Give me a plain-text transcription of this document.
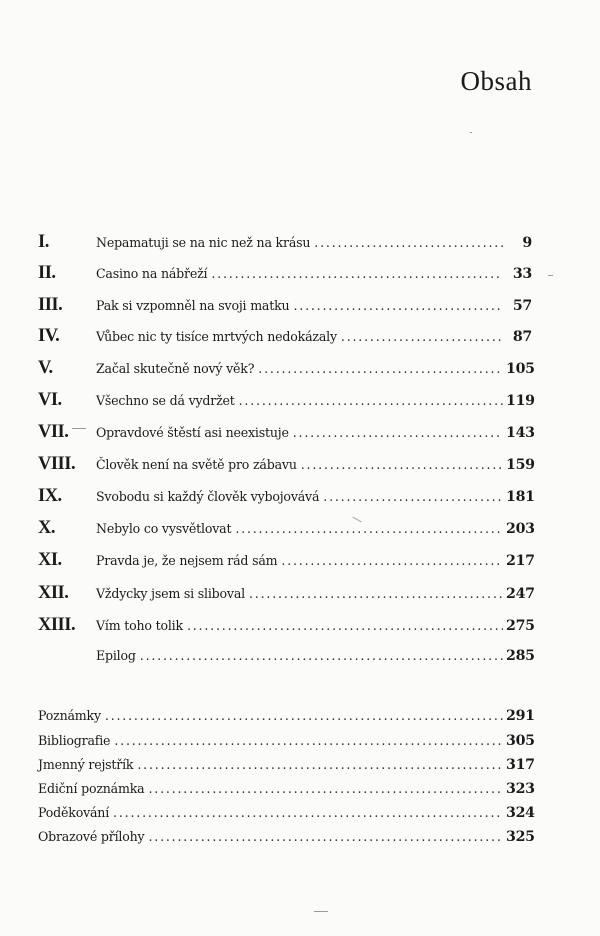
Obsah
I.	Nepamatuji se na nic než na krásu . . .	9
II.	Casino na nábřeží . . .	33
III.	Pak si vzpomněl na svoji matku . . .	57
IV.	Vůbec nic ty tisíce mrtvých nedokázaly . . .	87
V.	Začal skutečně nový věk? . . .	105
VI.	Všechno se dá vydržet . . .	119
VII.	Opravdové štěstí asi neexistuje . . .	143
VIII.	Člověk není na světě pro zábavu . . .	159
IX.	Svobodu si každý člověk vybojovává . . .	181
X.	Nebylo co vysvětlovat . . .	203
XI.	Pravda je, že nejsem rád sám . . .	217
XII.	Vždycky jsem si sliboval . . .	247
XIII.	Vím toho tolik . . .	275
Epilog . . .	285
Poznámky . . .	291
Bibliografie . . .	305
Jmenný rejstřík . . .	317
Ediční poznámka . . .	323
Poděkování . . .	324
Obrazové přílohy . . .	325
